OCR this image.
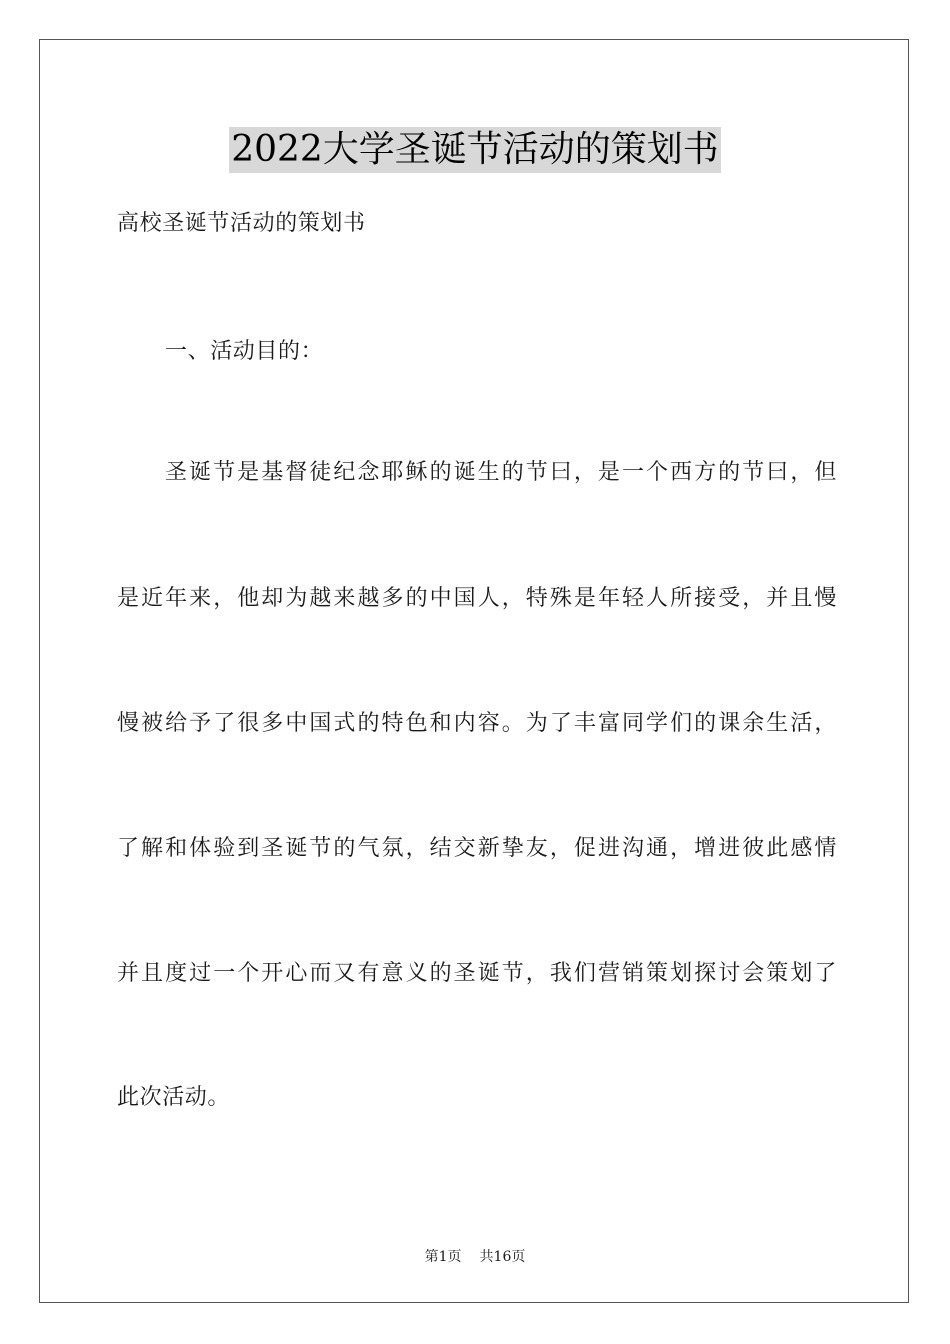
2022大学圣诞节活动的策划书
高校圣诞节活动的策划书
一、活动目的：
圣诞节是基督徒纪念耶稣的诞生的节曰，是一个西方的节曰，但
是近年来，他却为越来越多的中国人，特殊是年轻人所接受，并且慢
慢被给予了很多中国式的特色和内容。为了丰富同学们的课余生活，
了解和体验到圣诞节的气氛，结交新挚友，促进沟通，增进彼此感情
并且度过一个开心而又有意义的圣诞节，我们营销策划探讨会策划了
此次活动。
第1页 共16页
